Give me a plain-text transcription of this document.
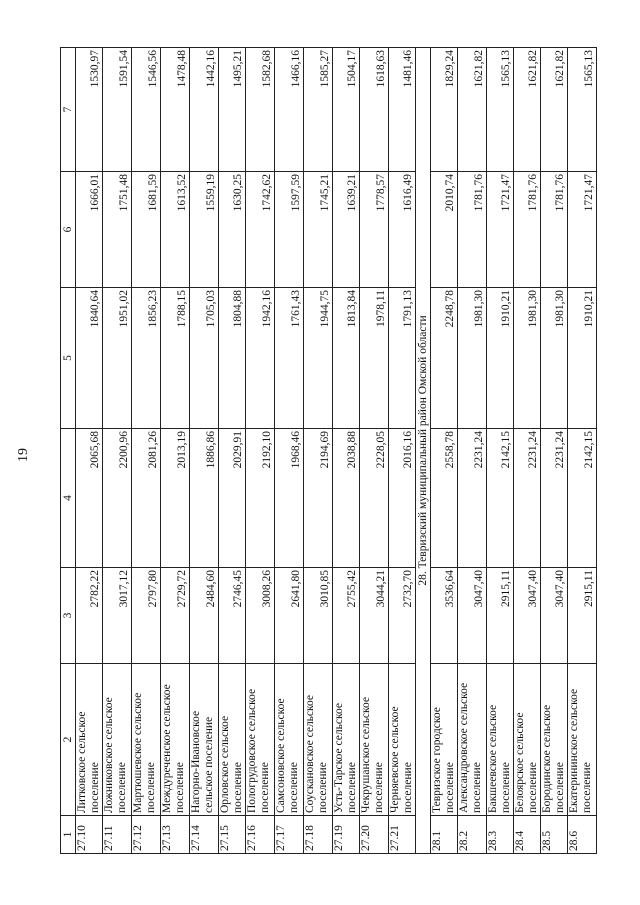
19
1	2	3	4	5	6	7
27.10	Литковское сельское поселение	2782,22	2065,68	1840,64	1666,01	1530,97
27.11	Ложниковское сельское поселение	3017,12	2200,96	1951,02	1751,48	1591,54
27.12	Мартюшевское сельское поселение	2797,80	2081,26	1856,23	1681,59	1546,56
27.13	Междуреченское сельское поселение	2729,72	2013,19	1788,15	1613,52	1478,48
27.14	Нагорно-Ивановское сельское поселение	2484,60	1886,86	1705,03	1559,19	1442,16
27.15	Орловское сельское поселение	2746,45	2029,91	1804,88	1630,25	1495,21
27.16	Пологрудовское сельское поселение	3008,26	2192,10	1942,16	1742,62	1582,68
27.17	Самсоновское сельское поселение	2641,80	1968,46	1761,43	1597,59	1466,16
27.18	Соускановское сельское поселение	3010,85	2194,69	1944,75	1745,21	1585,27
27.19	Усть-Тарское сельское поселение	2755,42	2038,88	1813,84	1639,21	1504,17
27.20	Чекрушанское сельское поселение	3044,21	2228,05	1978,11	1778,57	1618,63
27.21	Черняевское сельское поселение	2732,70	2016,16	1791,13	1616,49	1481,46
28. Тевризский муниципальный район Омской области						
28.1	Тевризское городское поселение	3536,64	2558,78	2248,78	2010,74	1829,24
28.2	Александровское сельское поселение	3047,40	2231,24	1981,30	1781,76	1621,82
28.3	Бакшеевское сельское поселение	2915,11	2142,15	1910,21	1721,47	1565,13
28.4	Белоярское сельское поселение	3047,40	2231,24	1981,30	1781,76	1621,82
28.5	Бородинское сельское поселение	3047,40	2231,24	1981,30	1781,76	1621,82
28.6	Екатерининское сельское поселение	2915,11	2142,15	1910,21	1721,47	1565,13
